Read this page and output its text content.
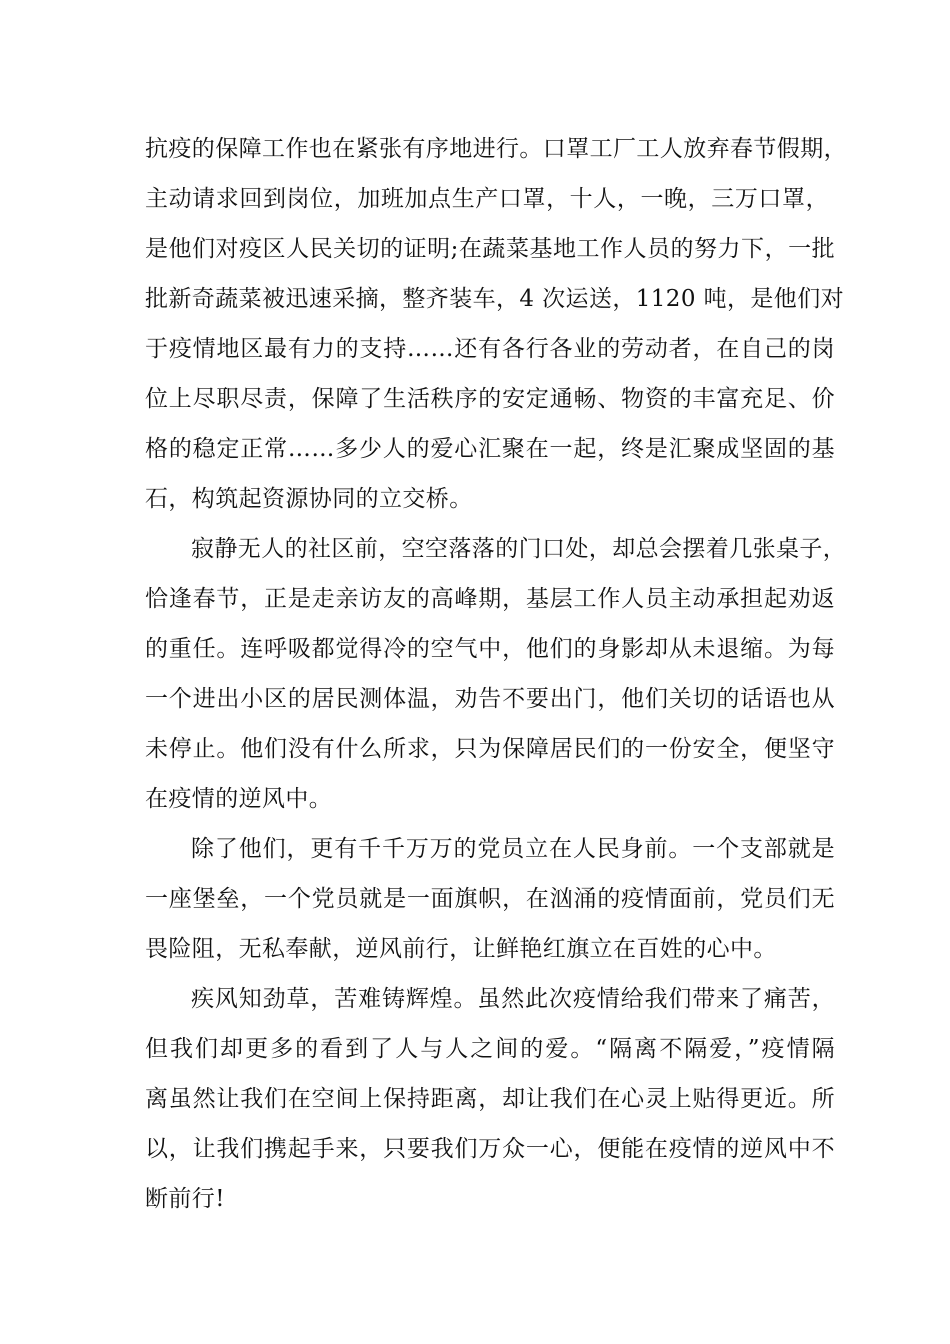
抗疫的保障工作也在紧张有序地进行。口罩工厂工人放弃春节假期，
主动请求回到岗位，加班加点生产口罩，十人，一晚，三万口罩，
是他们对疫区人民关切的证明;在蔬菜基地工作人员的努力下，一批
批新奇蔬菜被迅速采摘，整齐装车，4 次运送，1120 吨，是他们对
于疫情地区最有力的支持……还有各行各业的劳动者，在自己的岗
位上尽职尽责，保障了生活秩序的安定通畅、物资的丰富充足、价
格的稳定正常……多少人的爱心汇聚在一起，终是汇聚成坚固的基
石，构筑起资源协同的立交桥。
寂静无人的社区前，空空落落的门口处，却总会摆着几张桌子，
恰逢春节，正是走亲访友的高峰期，基层工作人员主动承担起劝返
的重任。连呼吸都觉得冷的空气中，他们的身影却从未退缩。为每
一个进出小区的居民测体温，劝告不要出门，他们关切的话语也从
未停止。他们没有什么所求，只为保障居民们的一份安全，便坚守
在疫情的逆风中。
除了他们，更有千千万万的党员立在人民身前。一个支部就是
一座堡垒，一个党员就是一面旗帜，在汹涌的疫情面前，党员们无
畏险阻，无私奉献，逆风前行，让鲜艳红旗立在百姓的心中。
疾风知劲草，苦难铸辉煌。虽然此次疫情给我们带来了痛苦，
但我们却更多的看到了人与人之间的爱。“隔离不隔爱，”疫情隔
离虽然让我们在空间上保持距离，却让我们在心灵上贴得更近。所
以，让我们携起手来，只要我们万众一心，便能在疫情的逆风中不
断前行!
